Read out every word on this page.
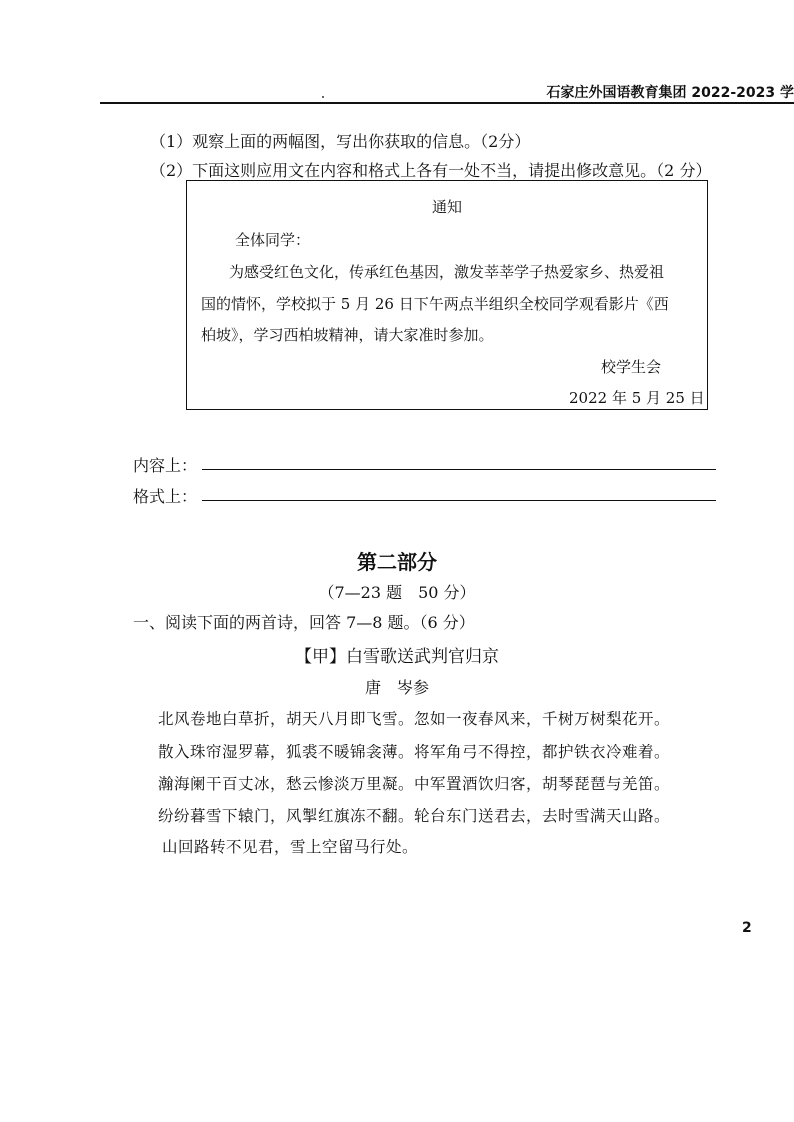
石家庄外国语教育集团 2022-2023 学
（1）观察上面的两幅图，写出你获取的信息。（2分）
（2）下面这则应用文在内容和格式上各有一处不当，请提出修改意见。（2 分）
通知
全体同学：
为感受红色文化，传承红色基因，激发莘莘学子热爱家乡、热爱祖
国的情怀，学校拟于 5 月 26 日下午两点半组织全校同学观看影片《西
柏坡》，学习西柏坡精神，请大家准时参加。
校学生会
2022 年 5 月 25 日
内容上：
格式上：
第二部分
（7—23 题　50 分）
一、阅读下面的两首诗，回答 7—8 题。（6 分）
【甲】白雪歌送武判官归京
唐　岑参
北风卷地白草折，胡天八月即飞雪。忽如一夜春风来，千树万树梨花开。
散入珠帘湿罗幕，狐裘不暖锦衾薄。将军角弓不得控，都护铁衣冷难着。
瀚海阑干百丈冰，愁云惨淡万里凝。中军置酒饮归客，胡琴琵琶与羌笛。
纷纷暮雪下辕门，风掣红旗冻不翻。轮台东门送君去，去时雪满天山路。
山回路转不见君，雪上空留马行处。
2
